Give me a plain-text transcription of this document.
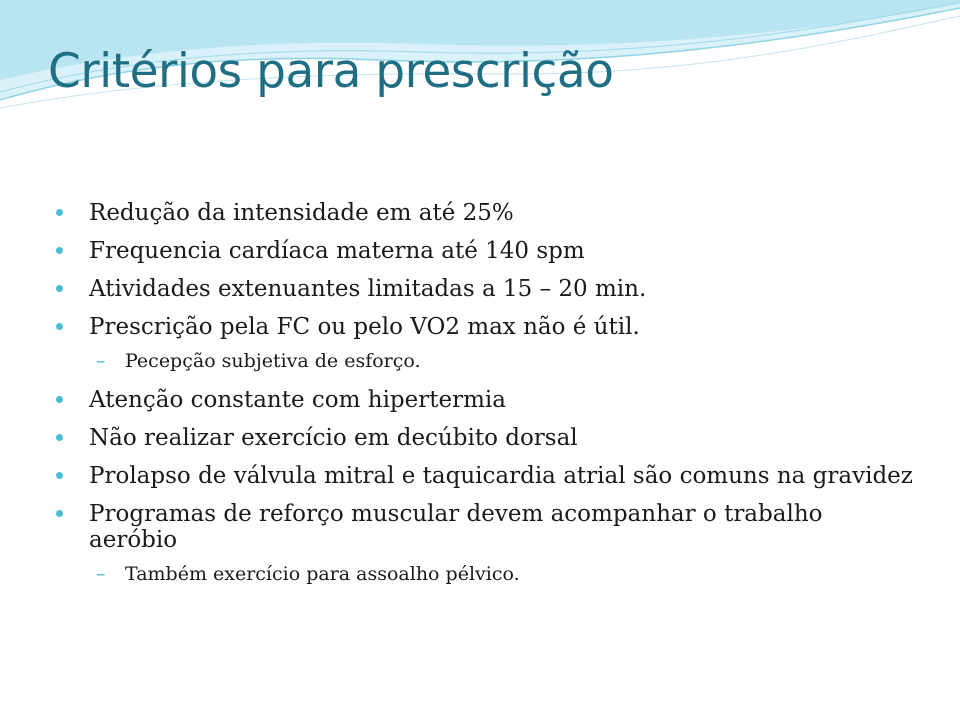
Critérios para prescrição
Redução da intensidade em até 25%
Frequencia cardíaca materna até 140 spm
Atividades extenuantes limitadas a 15 – 20 min.
Prescrição pela FC ou pelo VO2 max não é útil.
– Pecepção subjetiva de esforço.
Atenção constante com hipertermia
Não realizar exercício em decúbito dorsal
Prolapso de válvula mitral e taquicardia atrial são comuns na gravidez
Programas de reforço muscular devem acompanhar o trabalho aeróbio
– Também exercício para assoalho pélvico.
